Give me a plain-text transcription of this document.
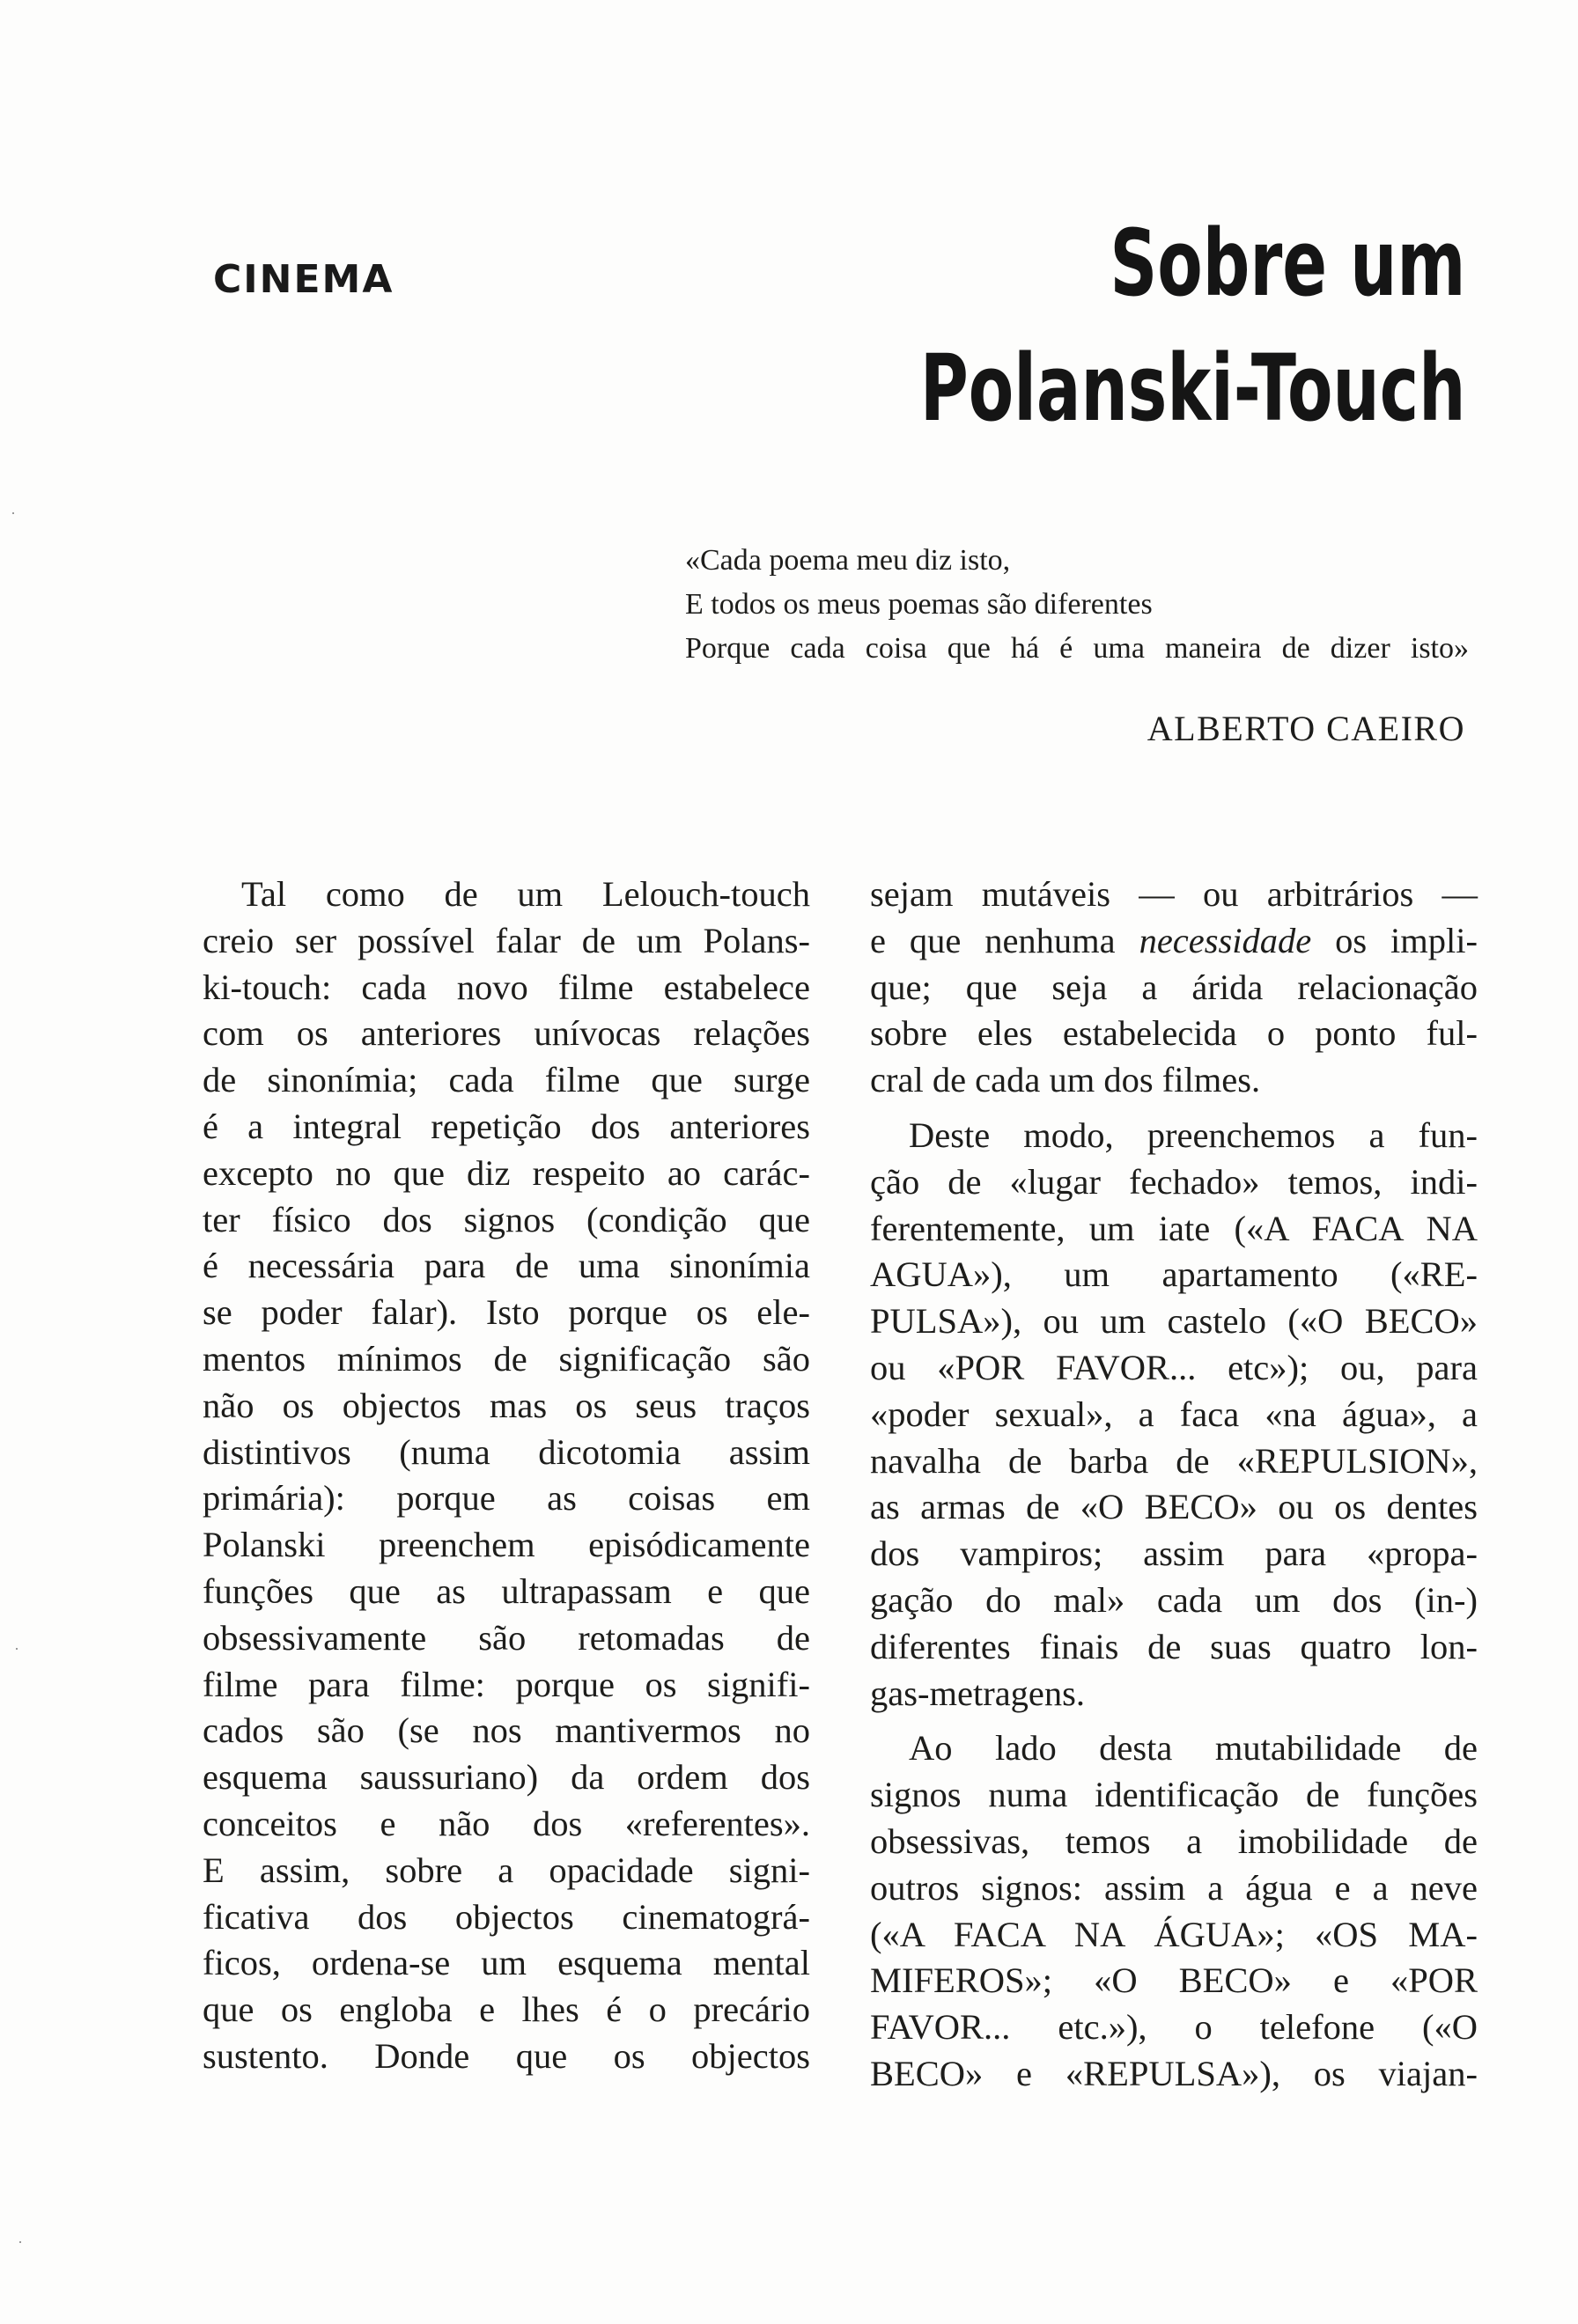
CINEMA	Sobre um
Polanski-Touch
«Cada poema meu diz isto,
E todos os meus poemas são diferentes
Porque cada coisa que há é uma maneira de dizer isto»
ALBERTO CAEIRO
Tal como de um Lelouch-touch
creio ser possível falar de um Polans-
ki-touch: cada novo filme estabelece
com os anteriores unívocas relações
de sinonímia; cada filme que surge
é a integral repetição dos anteriores
excepto no que diz respeito ao carác-
ter físico dos signos (condição que
é necessária para de uma sinonímia
se poder falar). Isto porque os ele-
mentos mínimos de significação são
não os objectos mas os seus traços
distintivos (numa dicotomia assim
primária): porque as coisas em
Polanski preenchem episódicamente
funções que as ultrapassam e que
obsessivamente são retomadas de
filme para filme: porque os signifi-
cados são (se nos mantivermos no
esquema saussuriano) da ordem dos
conceitos e não dos «referentes».
E assim, sobre a opacidade signi-
ficativa dos objectos cinematográ-
ficos, ordena-se um esquema mental
que os engloba e lhes é o precário
sustento. Donde que os objectos
sejam mutáveis — ou arbitrários —
e que nenhuma necessidade os impli-
que; que seja a árida relacionação
sobre eles estabelecida o ponto ful-
cral de cada um dos filmes.
Deste modo, preenchemos a fun-
ção de «lugar fechado» temos, indi-
ferentemente, um iate («A FACA NA
AGUA»), um apartamento («RE-
PULSA»), ou um castelo («O BECO»
ou «POR FAVOR... etc»); ou, para
«poder sexual», a faca «na água», a
navalha de barba de «REPULSION»,
as armas de «O BECO» ou os dentes
dos vampiros; assim para «propa-
gação do mal» cada um dos (in-)
diferentes finais de suas quatro lon-
gas-metragens.
Ao lado desta mutabilidade de
signos numa identificação de funções
obsessivas, temos a imobilidade de
outros signos: assim a água e a neve
(«A FACA NA ÁGUA»; «OS MA-
MIFEROS»; «O BECO» e «POR
FAVOR... etc.»), o telefone («O
BECO» e «REPULSA»), os viajan-
